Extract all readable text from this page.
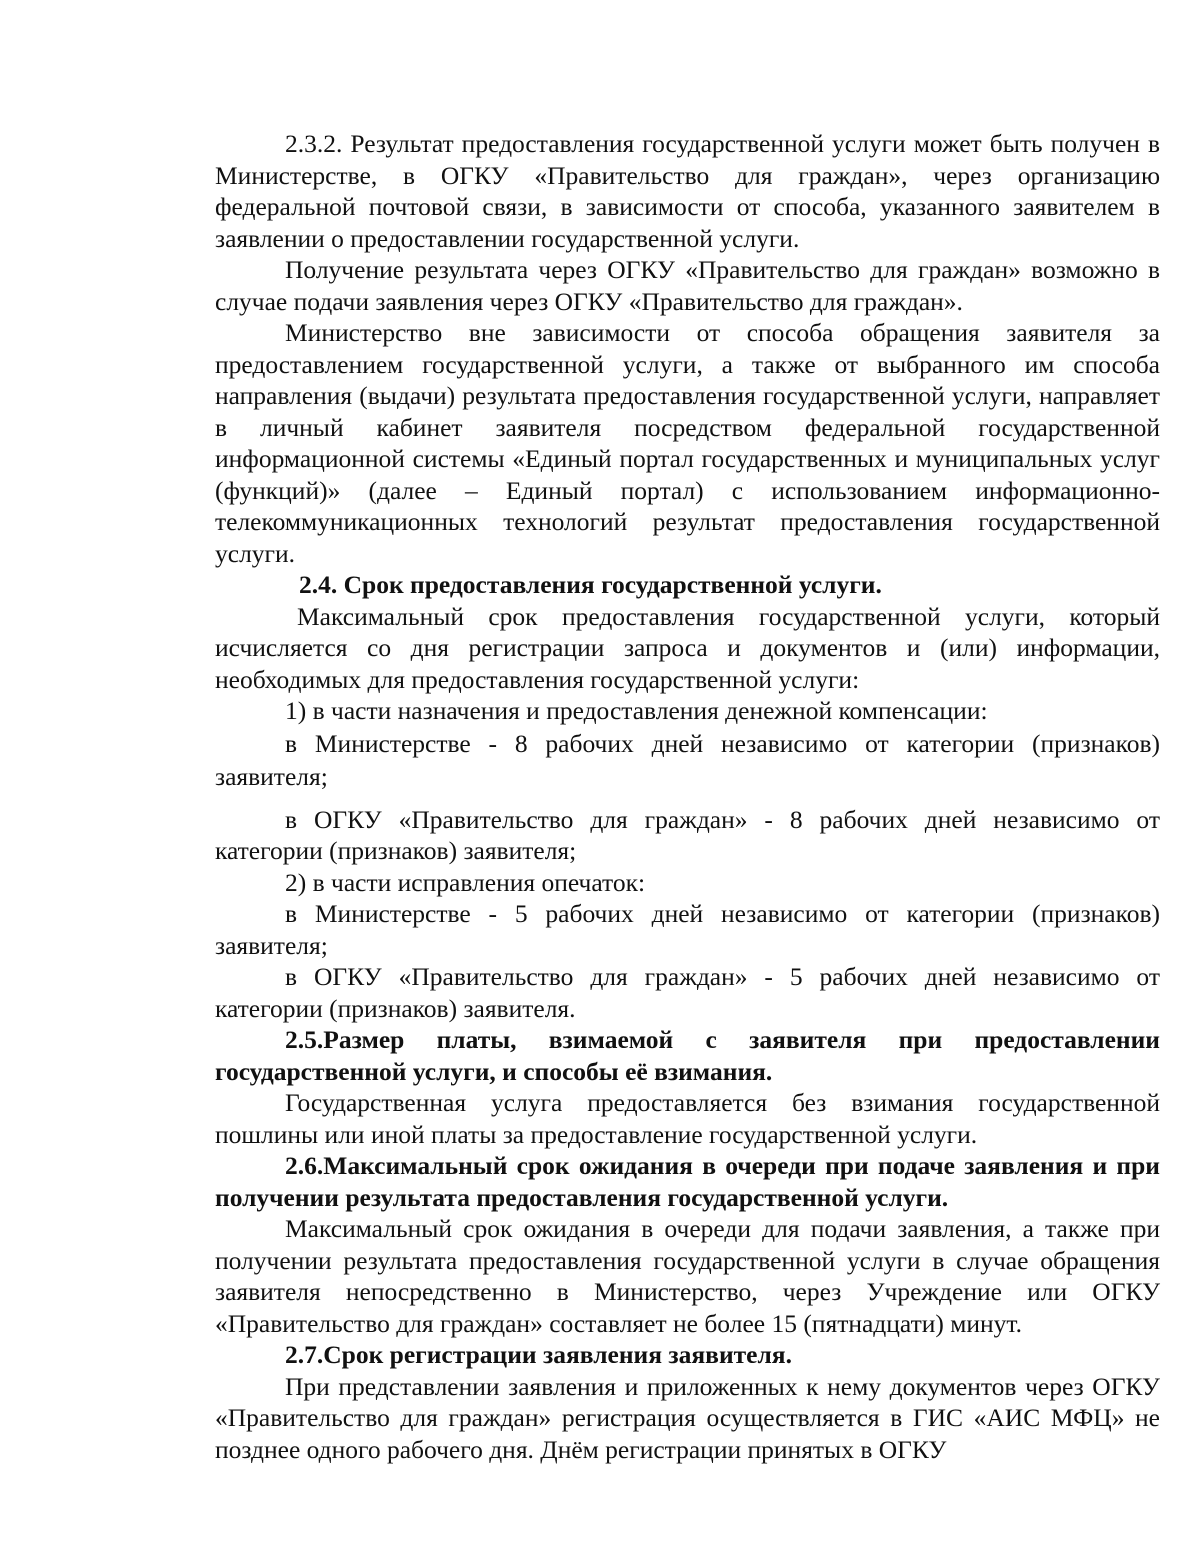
2.3.2. Результат предоставления государственной услуги может быть получен в Министерстве, в ОГКУ «Правительство для граждан», через организацию федеральной почтовой связи, в зависимости от способа, указанного заявителем в заявлении о предоставлении государственной услуги.

Получение результата через ОГКУ «Правительство для граждан» возможно в случае подачи заявления через ОГКУ «Правительство для граждан».

Министерство вне зависимости от способа обращения заявителя за предоставлением государственной услуги, а также от выбранного им способа направления (выдачи) результата предоставления государственной услуги, направляет в личный кабинет заявителя посредством федеральной государственной информационной системы «Единый портал государственных и муниципальных услуг (функций)» (далее – Единый портал) с использованием информационно-телекоммуникационных технологий результат предоставления государственной услуги.

2.4. Срок предоставления государственной услуги.

Максимальный срок предоставления государственной услуги, который исчисляется со дня регистрации запроса и документов и (или) информации, необходимых для предоставления государственной услуги:

1) в части назначения и предоставления денежной компенсации:

в Министерстве - 8 рабочих дней независимо от категории (признаков) заявителя;

в ОГКУ «Правительство для граждан» - 8 рабочих дней независимо от категории (признаков) заявителя;

2) в части исправления опечаток:

в Министерстве - 5 рабочих дней независимо от категории (признаков) заявителя;

в ОГКУ «Правительство для граждан» - 5 рабочих дней независимо от категории (признаков) заявителя.

2.5.Размер платы, взимаемой с заявителя при предоставлении государственной услуги, и способы её взимания.

Государственная услуга предоставляется без взимания государственной пошлины или иной платы за предоставление государственной услуги.

2.6.Максимальный срок ожидания в очереди при подаче заявления и при получении результата предоставления государственной услуги.

Максимальный срок ожидания в очереди для подачи заявления, а также при получении результата предоставления государственной услуги в случае обращения заявителя непосредственно в Министерство, через Учреждение или ОГКУ «Правительство для граждан» составляет не более 15 (пятнадцати) минут.

2.7.Срок регистрации заявления заявителя.

При представлении заявления и приложенных к нему документов через ОГКУ «Правительство для граждан» регистрация осуществляется в ГИС «АИС МФЦ» не позднее одного рабочего дня. Днём регистрации принятых в ОГКУ
